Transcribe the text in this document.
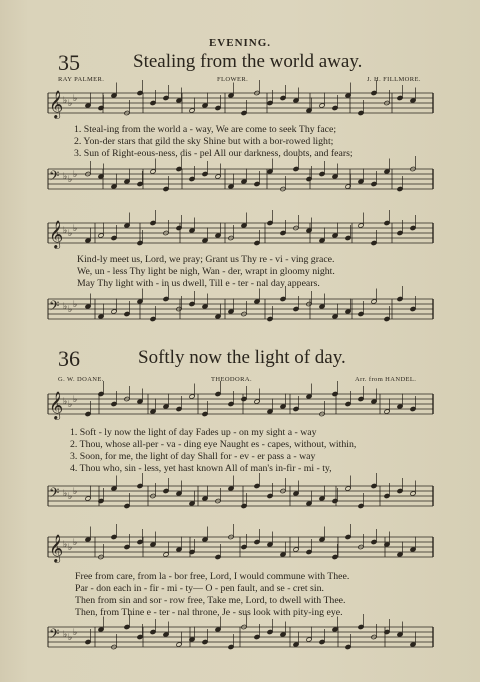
𝄞 ♭ ♭ ♭
𝄢 ♭ ♭ ♭
𝄞 ♭ ♭ ♭
𝄢 ♭ ♭ ♭
𝄞 ♭ ♭ ♭
𝄢 ♭ ♭ ♭
𝄞 ♭ ♭ ♭
𝄢 ♭ ♭ ♭
EVENING.
35	Stealing from the world away.
RAY PALMER.	FLOWER.	J. H. FILLMORE.
1. Steal-ing from the world a - way, We are come to seek Thy face;
2. Yon-der stars that gild the sky Shine but with a bor-rowed light;
3. Sun of Right-eous-ness, dis - pel All our darkness, doubts, and fears;
Kind-ly meet us, Lord, we pray; Grant us Thy re - vi - ving grace.
We, un - less Thy light be nigh, Wan - der, wrapt in gloomy night.
May Thy light with - in us dwell, Till e - ter - nal day appears.
36	Softly now the light of day.
G. W. DOANE.	THEODORA.	Arr. from HANDEL.
1. Soft - ly now the light of day Fades up - on my sight a - way
2. Thou, whose all-per - va - ding eye Naught es - capes, without, within,
3. Soon, for me, the light of day Shall for - ev - er pass a - way
4. Thou who, sin - less, yet hast known All of man's in-fir - mi - ty,
Free from care, from la - bor free, Lord, I would commune with Thee.
Par - don each in - fir - mi - ty— O - pen fault, and se - cret sin.
Then from sin and sor - row free, Take me, Lord, to dwell with Thee.
Then, from Thine e - ter - nal throne, Je - sus look with pity-ing eye.
